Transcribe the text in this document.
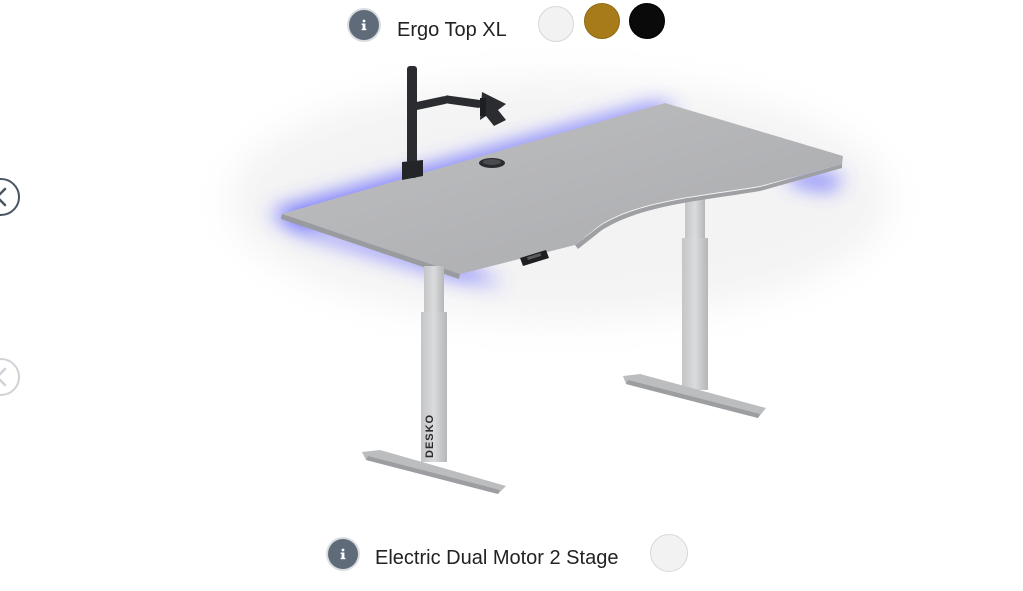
DESKO
Ergo Top XL
Electric Dual Motor 2 Stage
